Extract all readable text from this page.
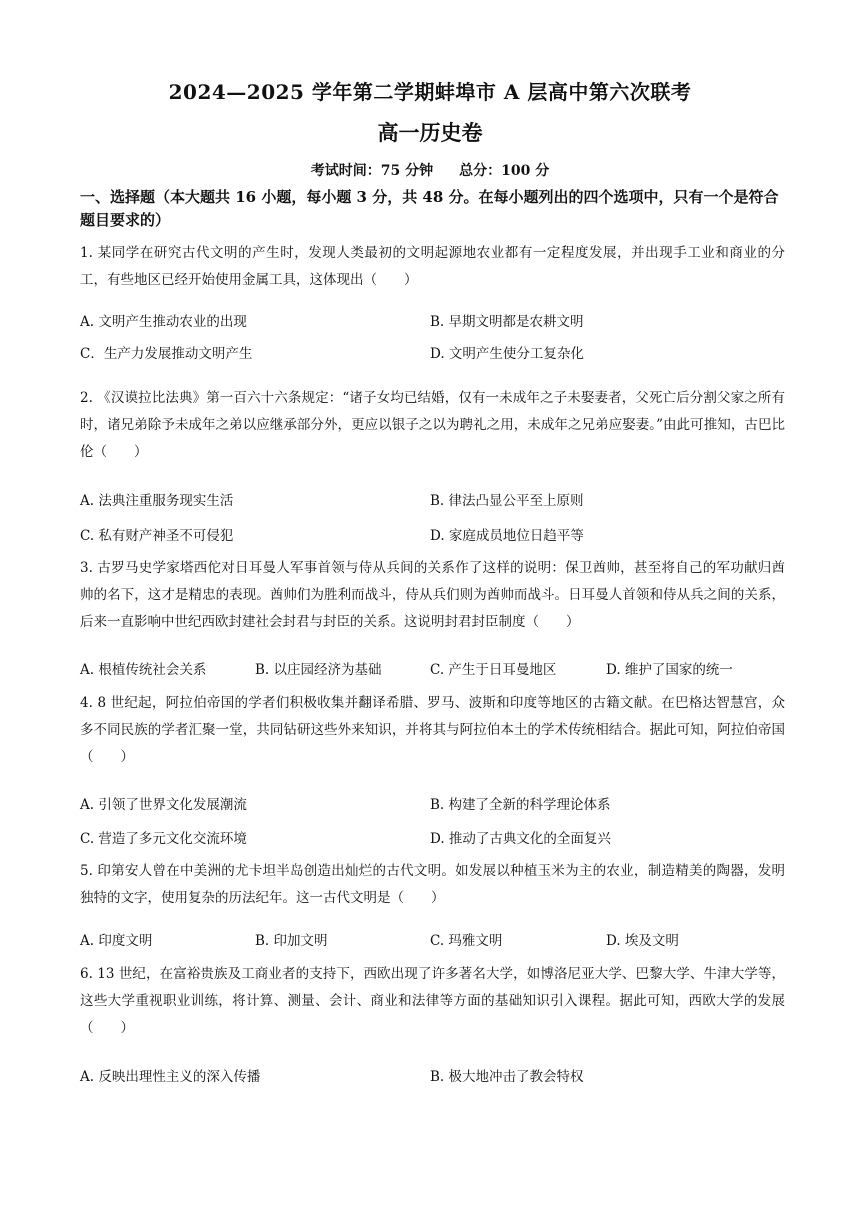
2024—2025 学年第二学期蚌埠市 A 层高中第六次联考
高一历史卷
考试时间：75 分钟 总分：100 分
一、选择题（本大题共 16 小题，每小题 3 分，共 48 分。在每小题列出的四个选项中，只有一个是符合题目要求的）
1. 某同学在研究古代文明的产生时，发现人类最初的文明起源地农业都有一定程度发展，并出现手工业和商业的分工，有些地区已经开始使用金属工具，这体现出（　　）
A. 文明产生推动农业的出现	B. 早期文明都是农耕文明
C．生产力发展推动文明产生	D. 文明产生使分工复杂化
2. 《汉谟拉比法典》第一百六十六条规定：“诸子女均已结婚，仅有一未成年之子未娶妻者，父死亡后分割父家之所有时，诸兄弟除予未成年之弟以应继承部分外，更应以银子之以为聘礼之用，未成年之兄弟应娶妻。”由此可推知，古巴比伦（　　）
A. 法典注重服务现实生活	B. 律法凸显公平至上原则
C. 私有财产神圣不可侵犯	D. 家庭成员地位日趋平等
3. 古罗马史学家塔西佗对日耳曼人军事首领与侍从兵间的关系作了这样的说明：保卫酋帅，甚至将自己的军功献归酋帅的名下，这才是精忠的表现。酋帅们为胜利而战斗，侍从兵们则为酋帅而战斗。日耳曼人首领和侍从兵之间的关系，后来一直影响中世纪西欧封建社会封君与封臣的关系。这说明封君封臣制度（　　）
A. 根植传统社会关系	B. 以庄园经济为基础	C. 产生于日耳曼地区	D. 维护了国家的统一
4. 8 世纪起，阿拉伯帝国的学者们积极收集并翻译希腊、罗马、波斯和印度等地区的古籍文献。在巴格达智慧宫，众多不同民族的学者汇聚一堂，共同钻研这些外来知识，并将其与阿拉伯本土的学术传统相结合。据此可知，阿拉伯帝国（　　）
A. 引领了世界文化发展潮流	B. 构建了全新的科学理论体系
C. 营造了多元文化交流环境	D. 推动了古典文化的全面复兴
5. 印第安人曾在中美洲的尤卡坦半岛创造出灿烂的古代文明。如发展以种植玉米为主的农业，制造精美的陶器，发明独特的文字，使用复杂的历法纪年。这一古代文明是（　　）
A. 印度文明	B. 印加文明	C. 玛雅文明	D. 埃及文明
6. 13 世纪，在富裕贵族及工商业者的支持下，西欧出现了许多著名大学，如博洛尼亚大学、巴黎大学、牛津大学等，这些大学重视职业训练，将计算、测量、会计、商业和法律等方面的基础知识引入课程。据此可知，西欧大学的发展（　　）
A. 反映出理性主义的深入传播	B. 极大地冲击了教会特权
